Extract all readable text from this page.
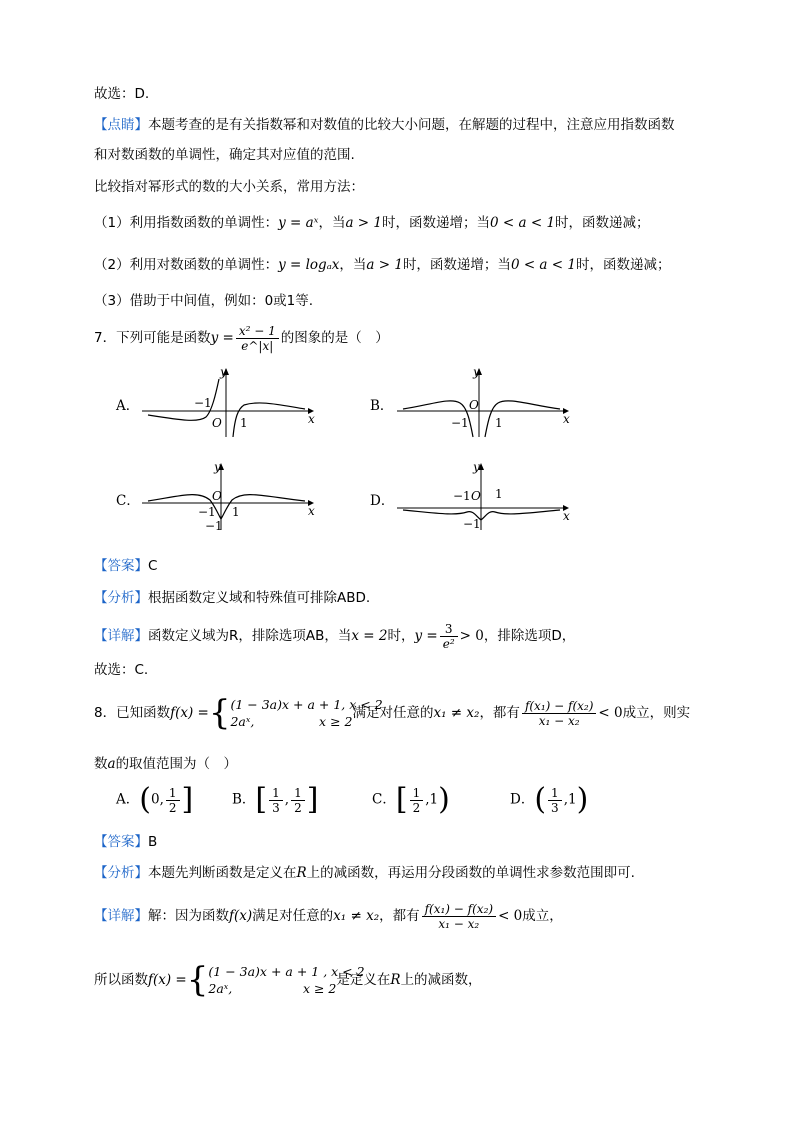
故选：D.
【点睛】本题考查的是有关指数幂和对数值的比较大小问题，在解题的过程中，注意应用指数函数
和对数函数的单调性，确定其对应值的范围.
比较指对幂形式的数的大小关系，常用方法：
（1）利用指数函数的单调性：y = aˣ，当a > 1时，函数递增；当0 < a < 1时，函数递减；
（2）利用对数函数的单调性：y = logₐx，当a > 1时，函数递增；当0 < a < 1时，函数递减；
（3）借助于中间值，例如：0或1等.
7．下列可能是函数$y = \frac{\text{x² − 1}}{e\^{}|x|}$ 的图象的是（　）
A．
y
x
O
−1
1
B．
y
x
O
−1 1
C．
y
x
O
−1 1
−1
D．
y
x
O
−1 1
−1
【答案】C
【分析】根据函数定义域和特殊值可排除ABD.
【详解】函数定义域为R，排除选项AB，当x = 2时，$y = \frac{3}{\text{e²}} > 0$，排除选项D，
故选：C.
8．已知函数f(x) ={ (1 − 3a)x + a + 1, x < 2
2aˣ,	x ≥ 2
满足对任意的x₁ ≠ x₂，都有 $\frac{\text{f(x₁) − f(x₂)}}{\text{x₁ − x₂}} < 0$成立，则实
数a的取值范围为（　）
A．(0, $\frac{1}{2}$ ]	B．[ $\frac{1}{3}$ , $\frac{1}{2}$ ]	C．[ $\frac{1}{2} ,1$)	D．( $\frac{1}{3} ,1$)
【答案】B
【分析】本题先判断函数是定义在R上的减函数，再运用分段函数的单调性求参数范围即可.
【详解】解：因为函数f(x)满足对任意的x₁ ≠ x₂，都有 $\frac{\text{f(x₁) − f(x₂)}}{\text{x₁ − x₂}} < 0$成立，
所以函数f(x) ={ (1 − 3a)x + a + 1 , x < 2
2aˣ,	x ≥ 2
是定义在R上的减函数，
